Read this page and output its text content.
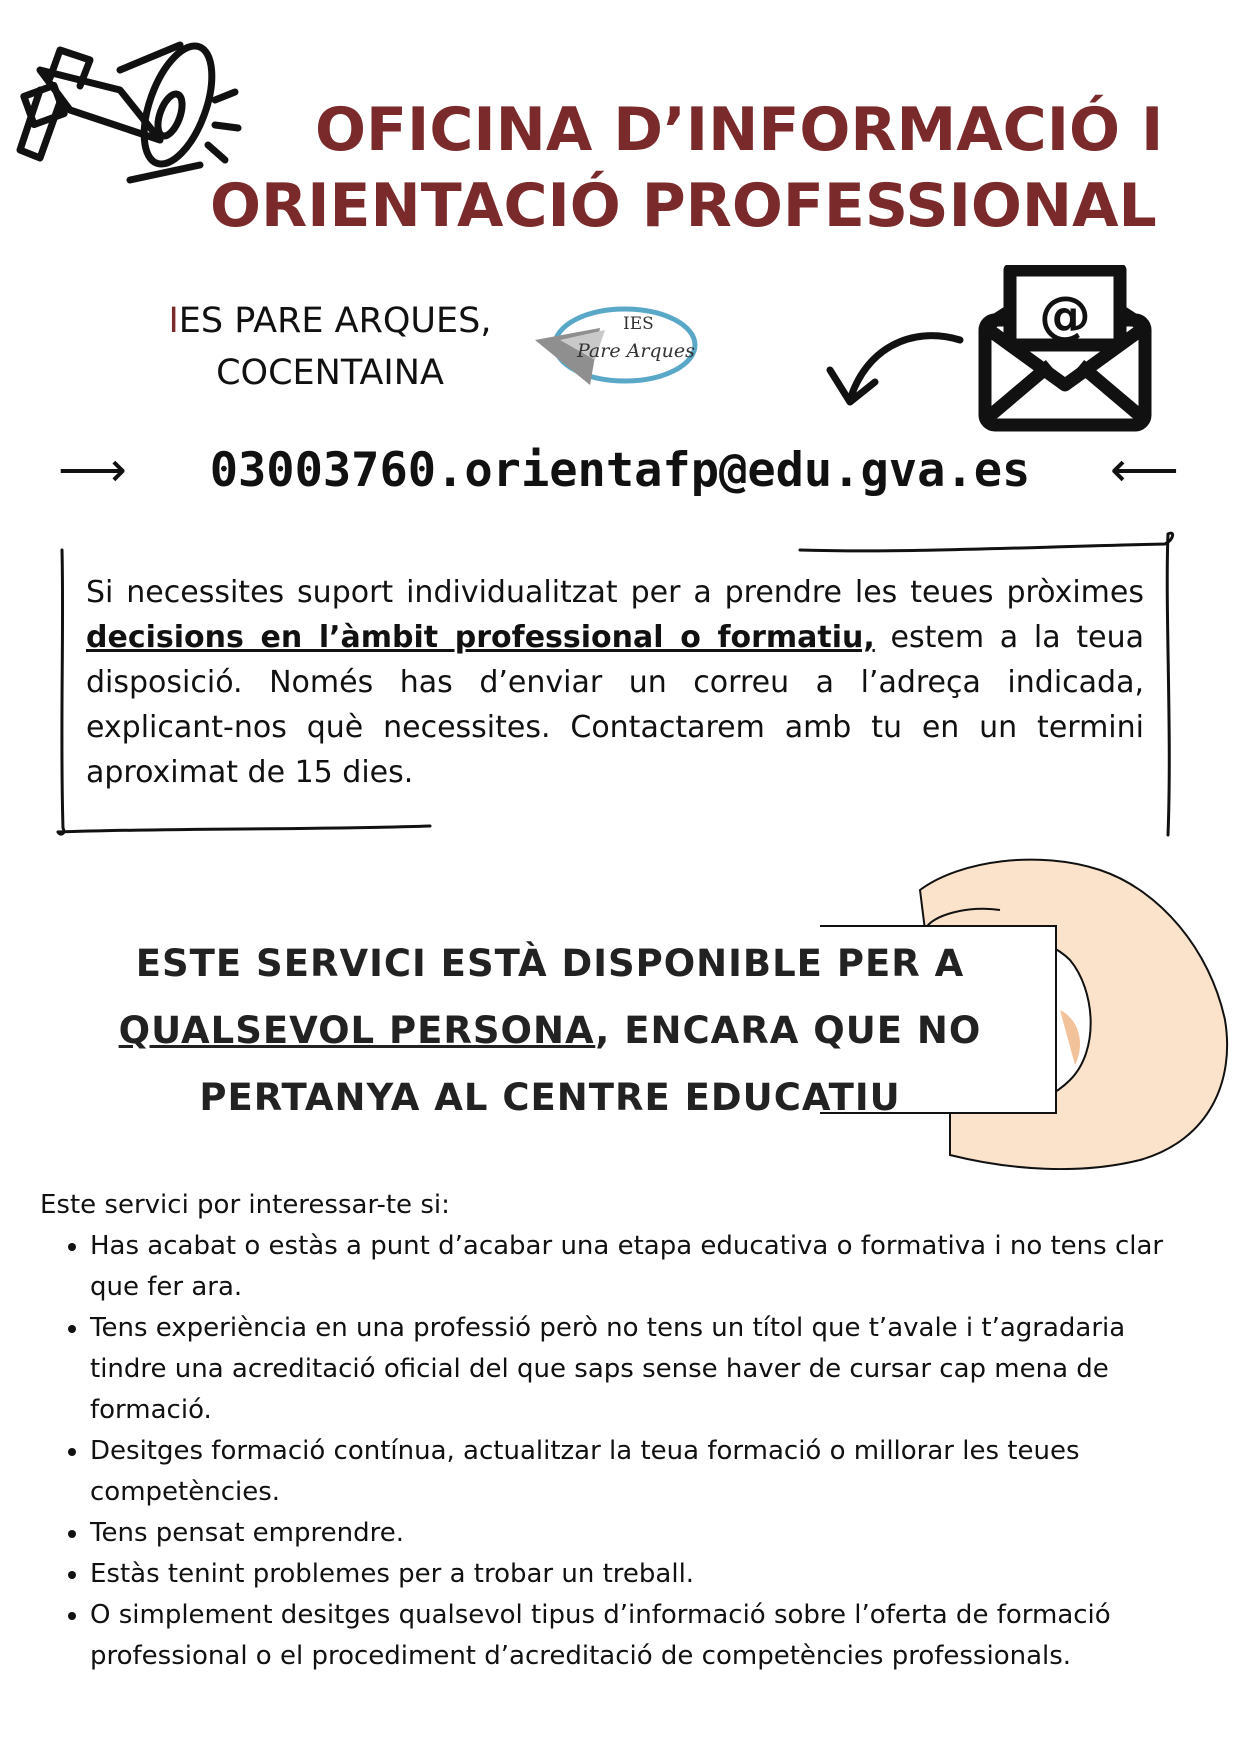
OFICINA D’INFORMACIÓ I
ORIENTACIÓ PROFESSIONAL
IES PARE ARQUES,
COCENTAINA
IES
Pare Arques
@
⟶	03003760.orientafp@edu.gva.es	⟵
Si necessites suport individualitzat per a prendre les teues pròximes decisions en l’àmbit professional o formatiu, estem a la teua disposició. Només has d’enviar un correu a l’adreça indicada, explicant-nos què necessites. Contactarem amb tu en un termini aproximat de 15 dies.
ESTE SERVICI ESTÀ DISPONIBLE PER A
QUALSEVOL PERSONA, ENCARA QUE NO
PERTANYA AL CENTRE EDUCATIU

Este servici por interessar-te si:

• Has acabat o estàs a punt d’acabar una etapa educativa o formativa i no tens clar que fer ara.
• Tens experiència en una professió però no tens un títol que t’avale i t’agradaria tindre una acreditació oficial del que saps sense haver de cursar cap mena de formació.
• Desitges formació contínua, actualitzar la teua formació o millorar les teues competències.
• Tens pensat emprendre.
• Estàs tenint problemes per a trobar un treball.
• O simplement desitges qualsevol tipus d’informació sobre l’oferta de formació professional o el procediment d’acreditació de competències professionals.
